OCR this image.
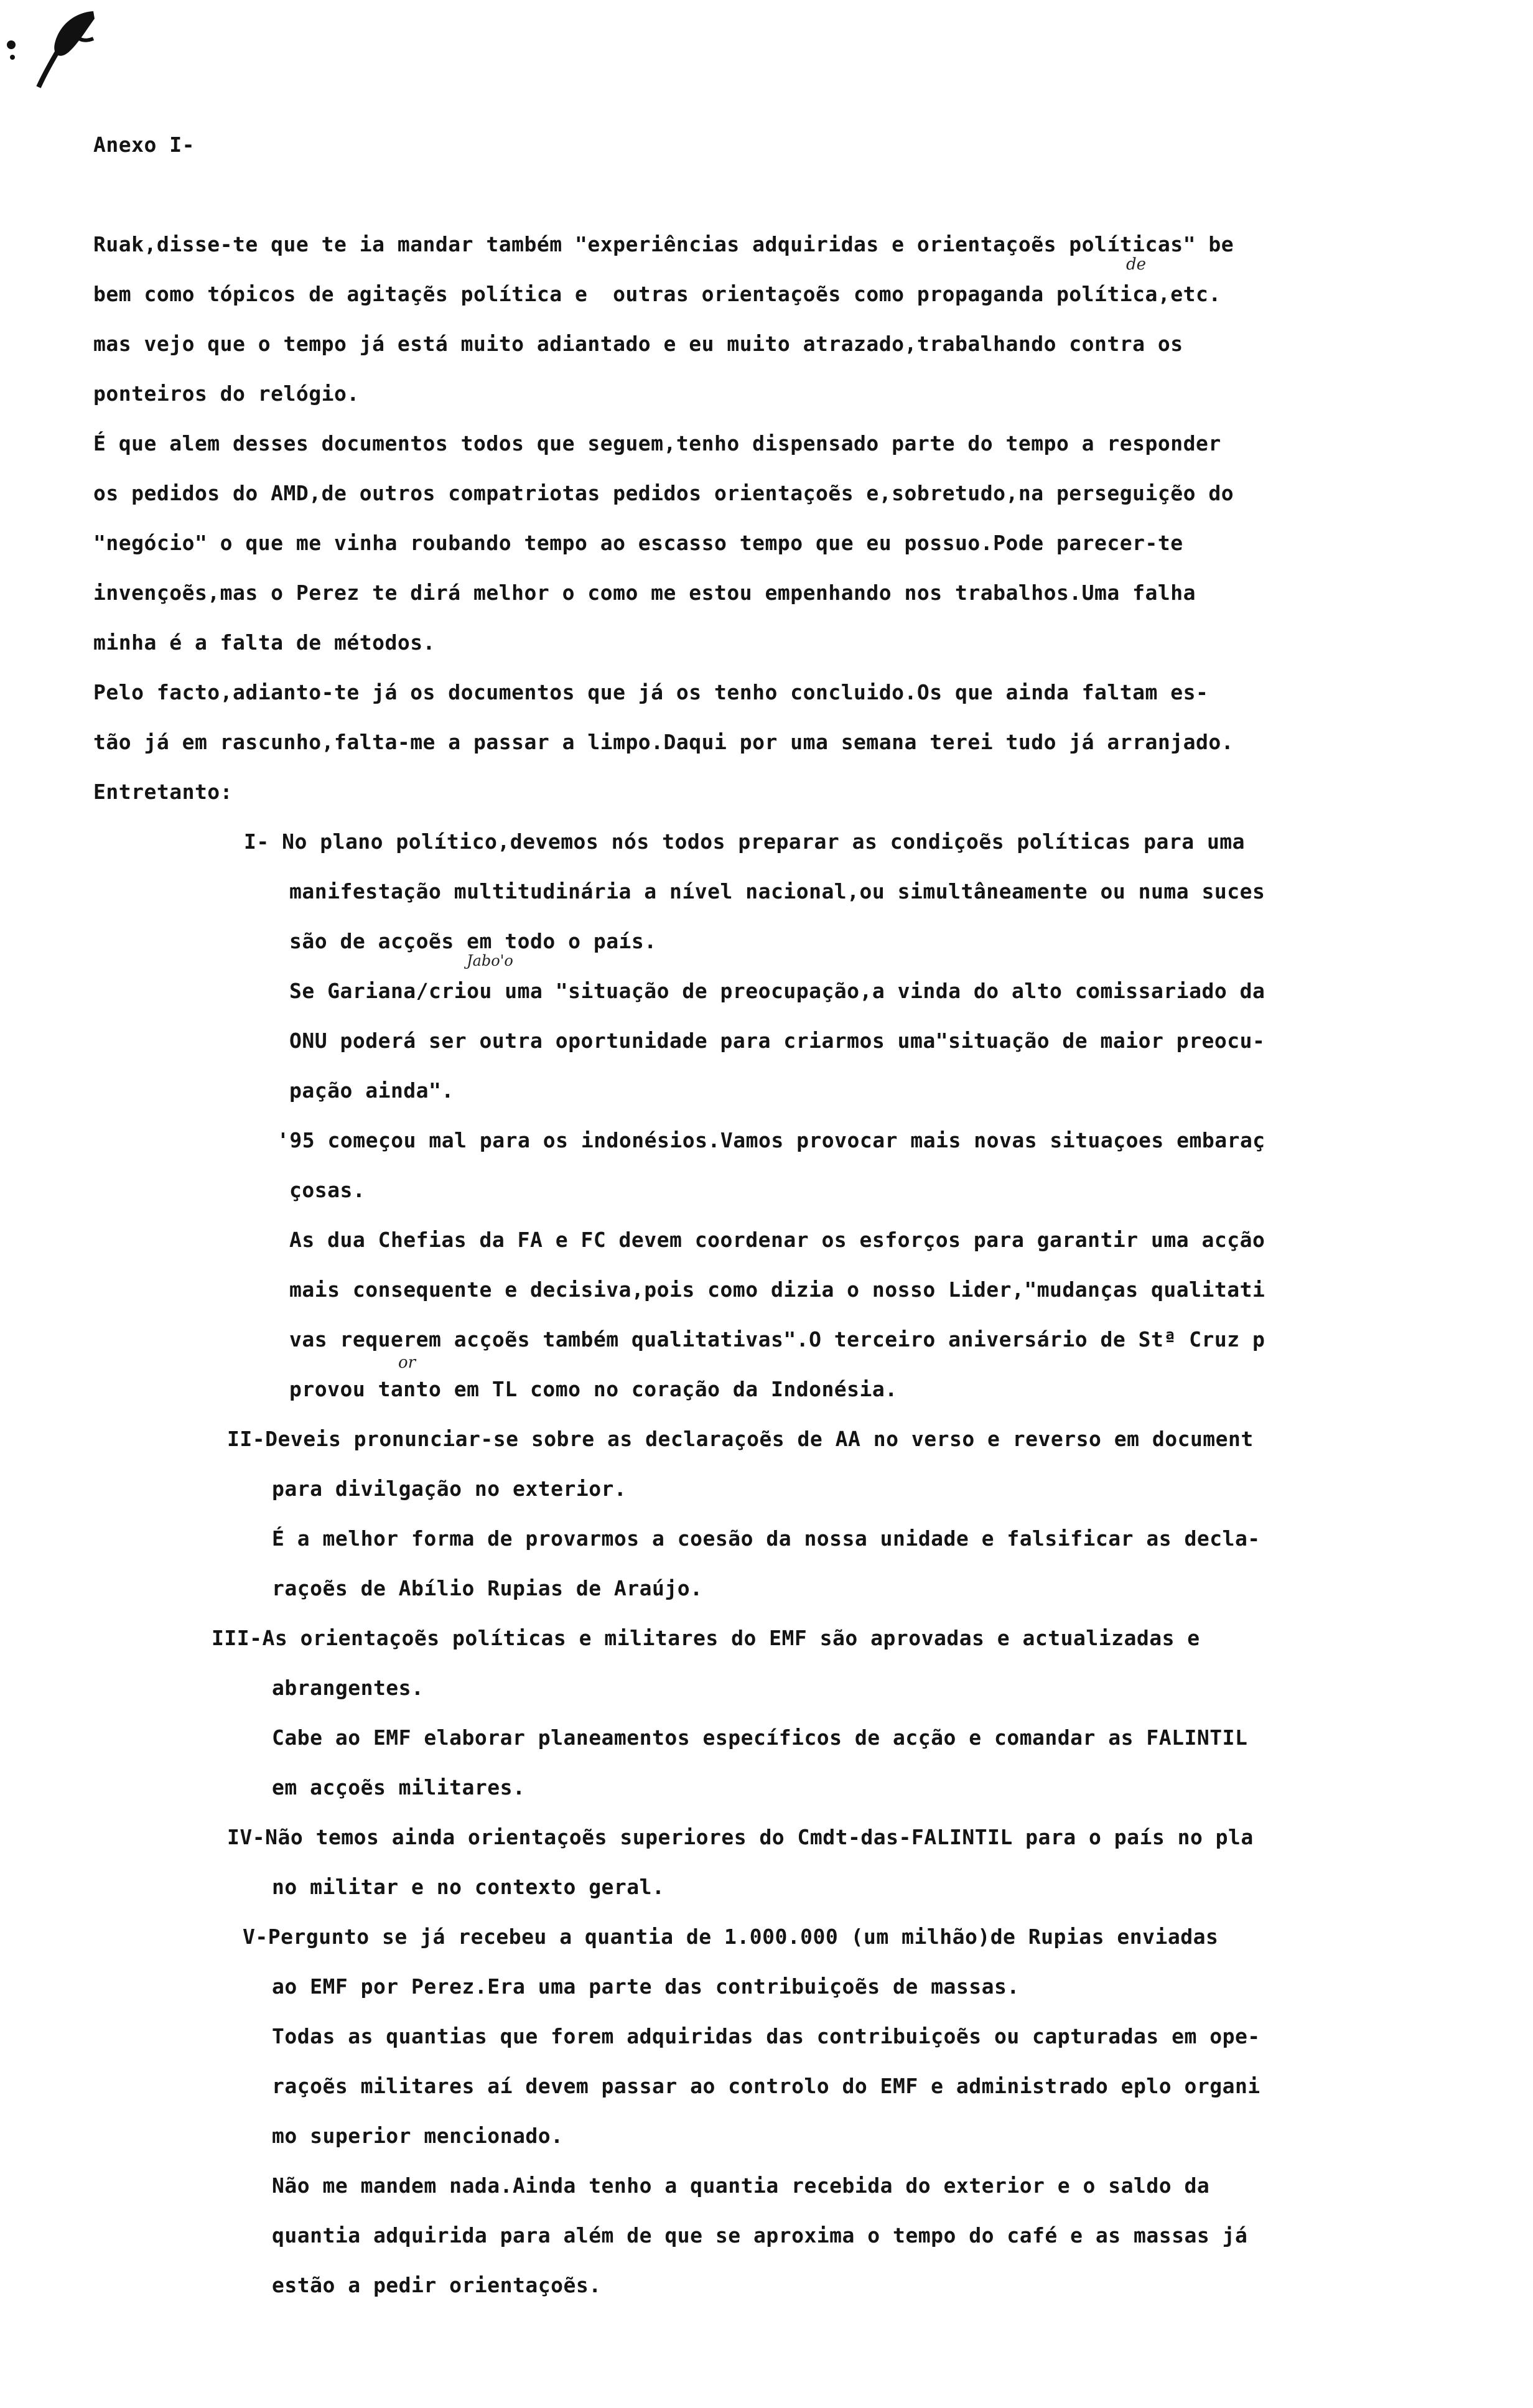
Anexo I-
Ruak,disse-te que te ia mandar também "experiências adquiridas e orientaçoẽs políticas" be
bem como tópicos de agitaçẽs política e  outras orientaçoẽs como propaganda política,etc.
mas vejo que o tempo já está muito adiantado e eu muito atrazado,trabalhando contra os
ponteiros do relógio.
É que alem desses documentos todos que seguem,tenho dispensado parte do tempo a responder
os pedidos do AMD,de outros compatriotas pedidos orientaçoẽs e,sobretudo,na perseguiçẽo do
"negócio" o que me vinha roubando tempo ao escasso tempo que eu possuo.Pode parecer-te
invençoẽs,mas o Perez te dirá melhor o como me estou empenhando nos trabalhos.Uma falha
minha é a falta de métodos.
Pelo facto,adianto-te já os documentos que já os tenho concluido.Os que ainda faltam es-
tão já em rascunho,falta-me a passar a limpo.Daqui por uma semana terei tudo já arranjado.
Entretanto:
de
Jabo'o
or
I- No plano político,devemos nós todos preparar as condiçoẽs políticas para uma
manifestação multitudinária a nível nacional,ou simultâneamente ou numa suces
são de acçoẽs em todo o país.
Se Gariana/criou uma "situação de preocupação,a vinda do alto comissariado da
ONU poderá ser outra oportunidade para criarmos uma"situação de maior preocu-
pação ainda".
'95 começou mal para os indonésios.Vamos provocar mais novas situaçoes embaraç
çosas.
As dua Chefias da FA e FC devem coordenar os esforços para garantir uma acção
mais consequente e decisiva,pois como dizia o nosso Lider,"mudanças qualitati
vas requerem acçoẽs também qualitativas".O terceiro aniversário de Stª Cruz p
provou tanto em TL como no coração da Indonésia.
II-Deveis pronunciar-se sobre as declaraçoẽs de AA no verso e reverso em document
para divilgação no exterior.
É a melhor forma de provarmos a coesão da nossa unidade e falsificar as decla-
raçoẽs de Abílio Rupias de Araújo.
III-As orientaçoẽs políticas e militares do EMF são aprovadas e actualizadas e
abrangentes.
Cabe ao EMF elaborar planeamentos específicos de acção e comandar as FALINTIL
em acçoẽs militares.
IV-Não temos ainda orientaçoẽs superiores do Cmdt-das-FALINTIL para o país no pla
no militar e no contexto geral.
V-Pergunto se já recebeu a quantia de 1.000.000 (um milhão)de Rupias enviadas
ao EMF por Perez.Era uma parte das contribuiçoẽs de massas.
Todas as quantias que forem adquiridas das contribuiçoẽs ou capturadas em ope-
raçoẽs militares aí devem passar ao controlo do EMF e administrado eplo organi
mo superior mencionado.
Não me mandem nada.Ainda tenho a quantia recebida do exterior e o saldo da
quantia adquirida para além de que se aproxima o tempo do café e as massas já
estão a pedir orientaçoẽs.
